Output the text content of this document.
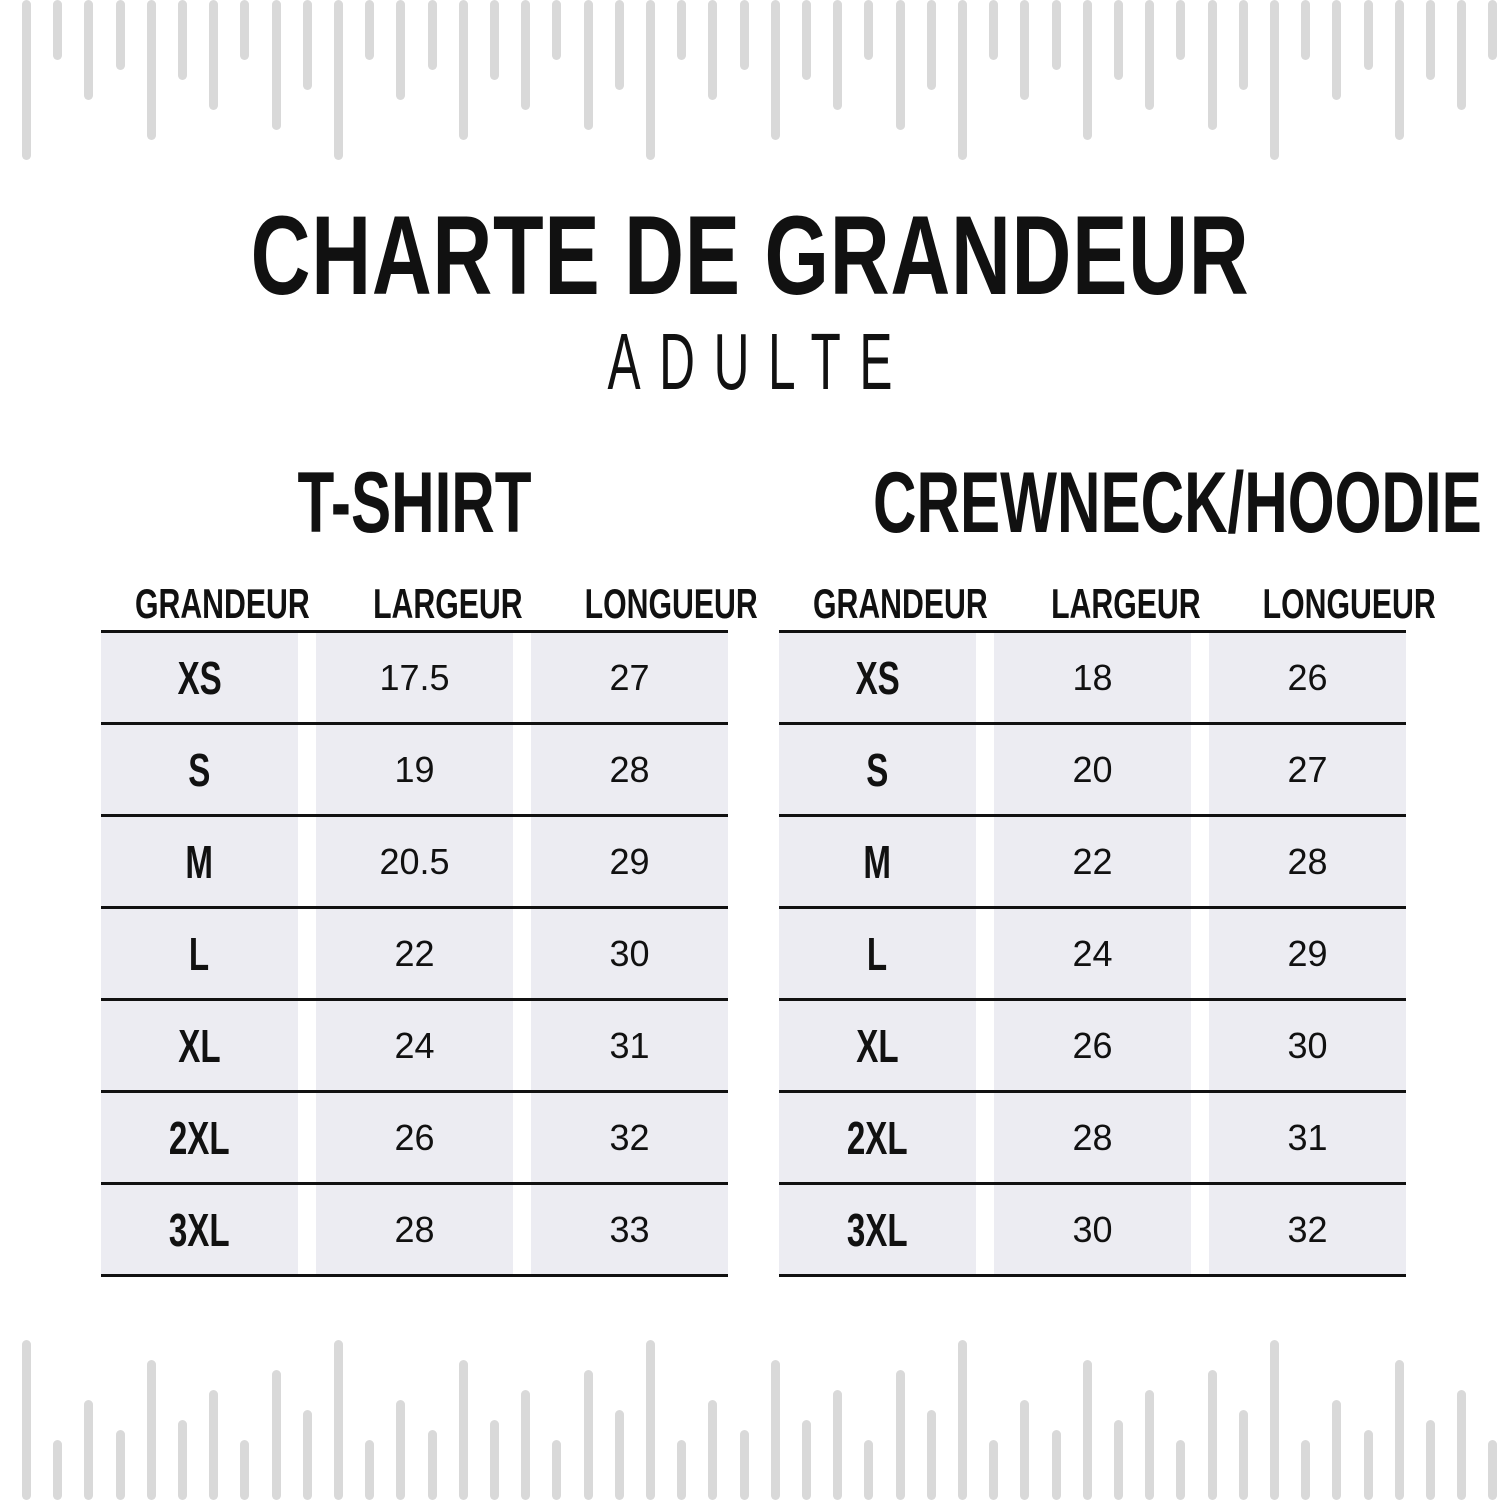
CHARTE DE GRANDEUR
ADULTE
T-SHIRT
GRANDEUR LARGEUR LONGUEUR
XS	17.5	27
S	19	28
M	20.5	29
L	22	30
XL	24	31
2XL	26	32
3XL	28	33
CREWNECK/HOODIE
GRANDEUR LARGEUR LONGUEUR
XS	18	26
S	20	27
M	22	28
L	24	29
XL	26	30
2XL	28	31
3XL	30	32
